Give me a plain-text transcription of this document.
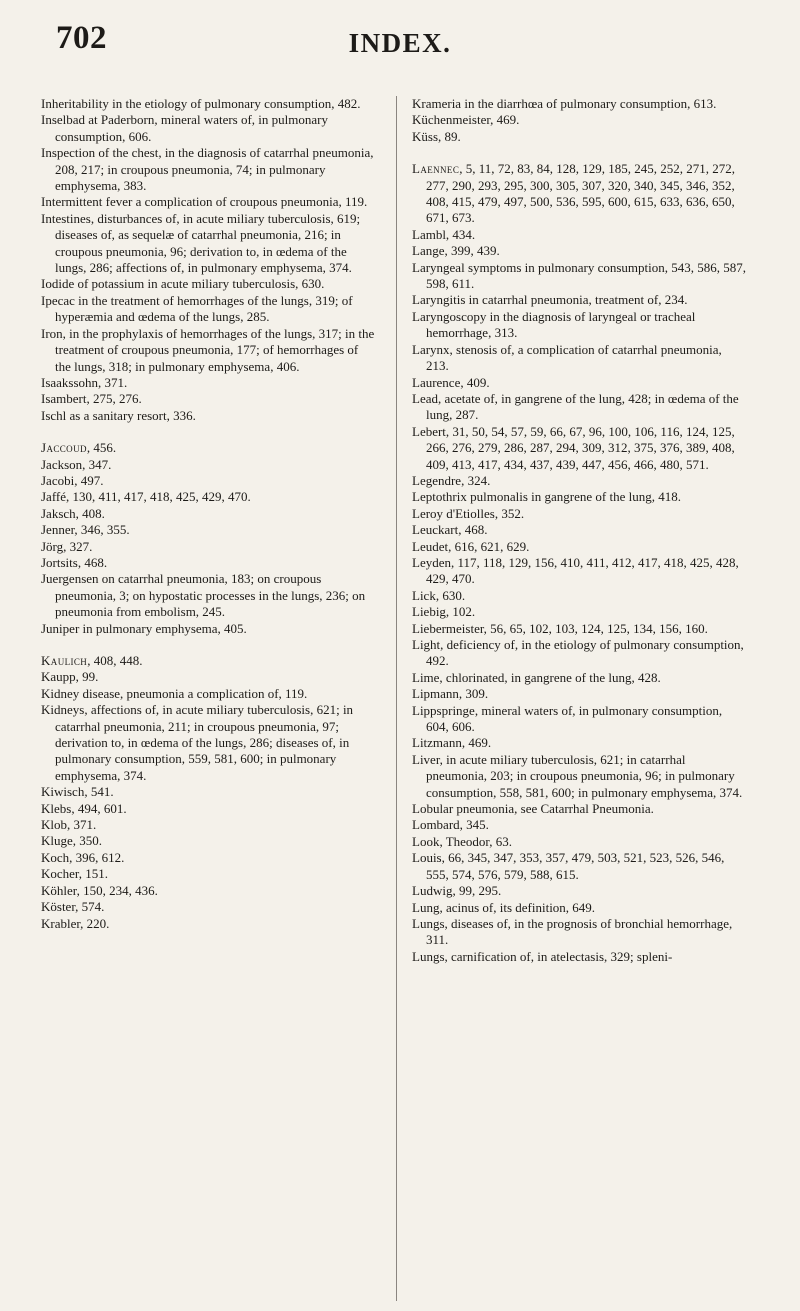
702	INDEX.

Inheritability in the etiology of pulmonary consumption, 482.

Inselbad at Paderborn, mineral waters of, in pulmonary consumption, 606.

Inspection of the chest, in the diagnosis of catarrhal pneumonia, 208, 217; in croupous pneumonia, 74; in pulmonary emphysema, 383.

Intermittent fever a complication of croupous pneumonia, 119.

Intestines, disturbances of, in acute miliary tuberculosis, 619; diseases of, as sequelæ of catarrhal pneumonia, 216; in croupous pneumonia, 96; derivation to, in œdema of the lungs, 286; affections of, in pulmonary emphysema, 374.

Iodide of potassium in acute miliary tuberculosis, 630.

Ipecac in the treatment of hemorrhages of the lungs, 319; of hyperæmia and œdema of the lungs, 285.

Iron, in the prophylaxis of hemorrhages of the lungs, 317; in the treatment of croupous pneumonia, 177; of hemorrhages of the lungs, 318; in pulmonary emphysema, 406.

Isaakssohn, 371.

Isambert, 275, 276.

Ischl as a sanitary resort, 336.

Jaccoud, 456.

Jackson, 347.

Jacobi, 497.

Jaffé, 130, 411, 417, 418, 425, 429, 470.

Jaksch, 408.

Jenner, 346, 355.

Jörg, 327.

Jortsits, 468.

Juergensen on catarrhal pneumonia, 183; on croupous pneumonia, 3; on hypostatic processes in the lungs, 236; on pneumonia from embolism, 245.

Juniper in pulmonary emphysema, 405.

Kaulich, 408, 448.

Kaupp, 99.

Kidney disease, pneumonia a complication of, 119.

Kidneys, affections of, in acute miliary tuberculosis, 621; in catarrhal pneumonia, 211; in croupous pneumonia, 97; derivation to, in œdema of the lungs, 286; diseases of, in pulmonary consumption, 559, 581, 600; in pulmonary emphysema, 374.

Kiwisch, 541.

Klebs, 494, 601.

Klob, 371.

Kluge, 350.

Koch, 396, 612.

Kocher, 151.

Köhler, 150, 234, 436.

Köster, 574.

Krabler, 220.

Krameria in the diarrhœa of pulmonary consumption, 613.

Küchenmeister, 469.

Küss, 89.

Laennec, 5, 11, 72, 83, 84, 128, 129, 185, 245, 252, 271, 272, 277, 290, 293, 295, 300, 305, 307, 320, 340, 345, 346, 352, 408, 415, 479, 497, 500, 536, 595, 600, 615, 633, 636, 650, 671, 673.

Lambl, 434.

Lange, 399, 439.

Laryngeal symptoms in pulmonary consumption, 543, 586, 587, 598, 611.

Laryngitis in catarrhal pneumonia, treatment of, 234.

Laryngoscopy in the diagnosis of laryngeal or tracheal hemorrhage, 313.

Larynx, stenosis of, a complication of catarrhal pneumonia, 213.

Laurence, 409.

Lead, acetate of, in gangrene of the lung, 428; in œdema of the lung, 287.

Lebert, 31, 50, 54, 57, 59, 66, 67, 96, 100, 106, 116, 124, 125, 266, 276, 279, 286, 287, 294, 309, 312, 375, 376, 389, 408, 409, 413, 417, 434, 437, 439, 447, 456, 466, 480, 571.

Legendre, 324.

Leptothrix pulmonalis in gangrene of the lung, 418.

Leroy d'Etiolles, 352.

Leuckart, 468.

Leudet, 616, 621, 629.

Leyden, 117, 118, 129, 156, 410, 411, 412, 417, 418, 425, 428, 429, 470.

Lick, 630.

Liebig, 102.

Liebermeister, 56, 65, 102, 103, 124, 125, 134, 156, 160.

Light, deficiency of, in the etiology of pulmonary consumption, 492.

Lime, chlorinated, in gangrene of the lung, 428.

Lipmann, 309.

Lippspringe, mineral waters of, in pulmonary consumption, 604, 606.

Litzmann, 469.

Liver, in acute miliary tuberculosis, 621; in catarrhal pneumonia, 203; in croupous pneumonia, 96; in pulmonary consumption, 558, 581, 600; in pulmonary emphysema, 374.

Lobular pneumonia, see Catarrhal Pneumonia.

Lombard, 345.

Look, Theodor, 63.

Louis, 66, 345, 347, 353, 357, 479, 503, 521, 523, 526, 546, 555, 574, 576, 579, 588, 615.

Ludwig, 99, 295.

Lung, acinus of, its definition, 649.

Lungs, diseases of, in the prognosis of bronchial hemorrhage, 311.

Lungs, carnification of, in atelectasis, 329; spleni-
